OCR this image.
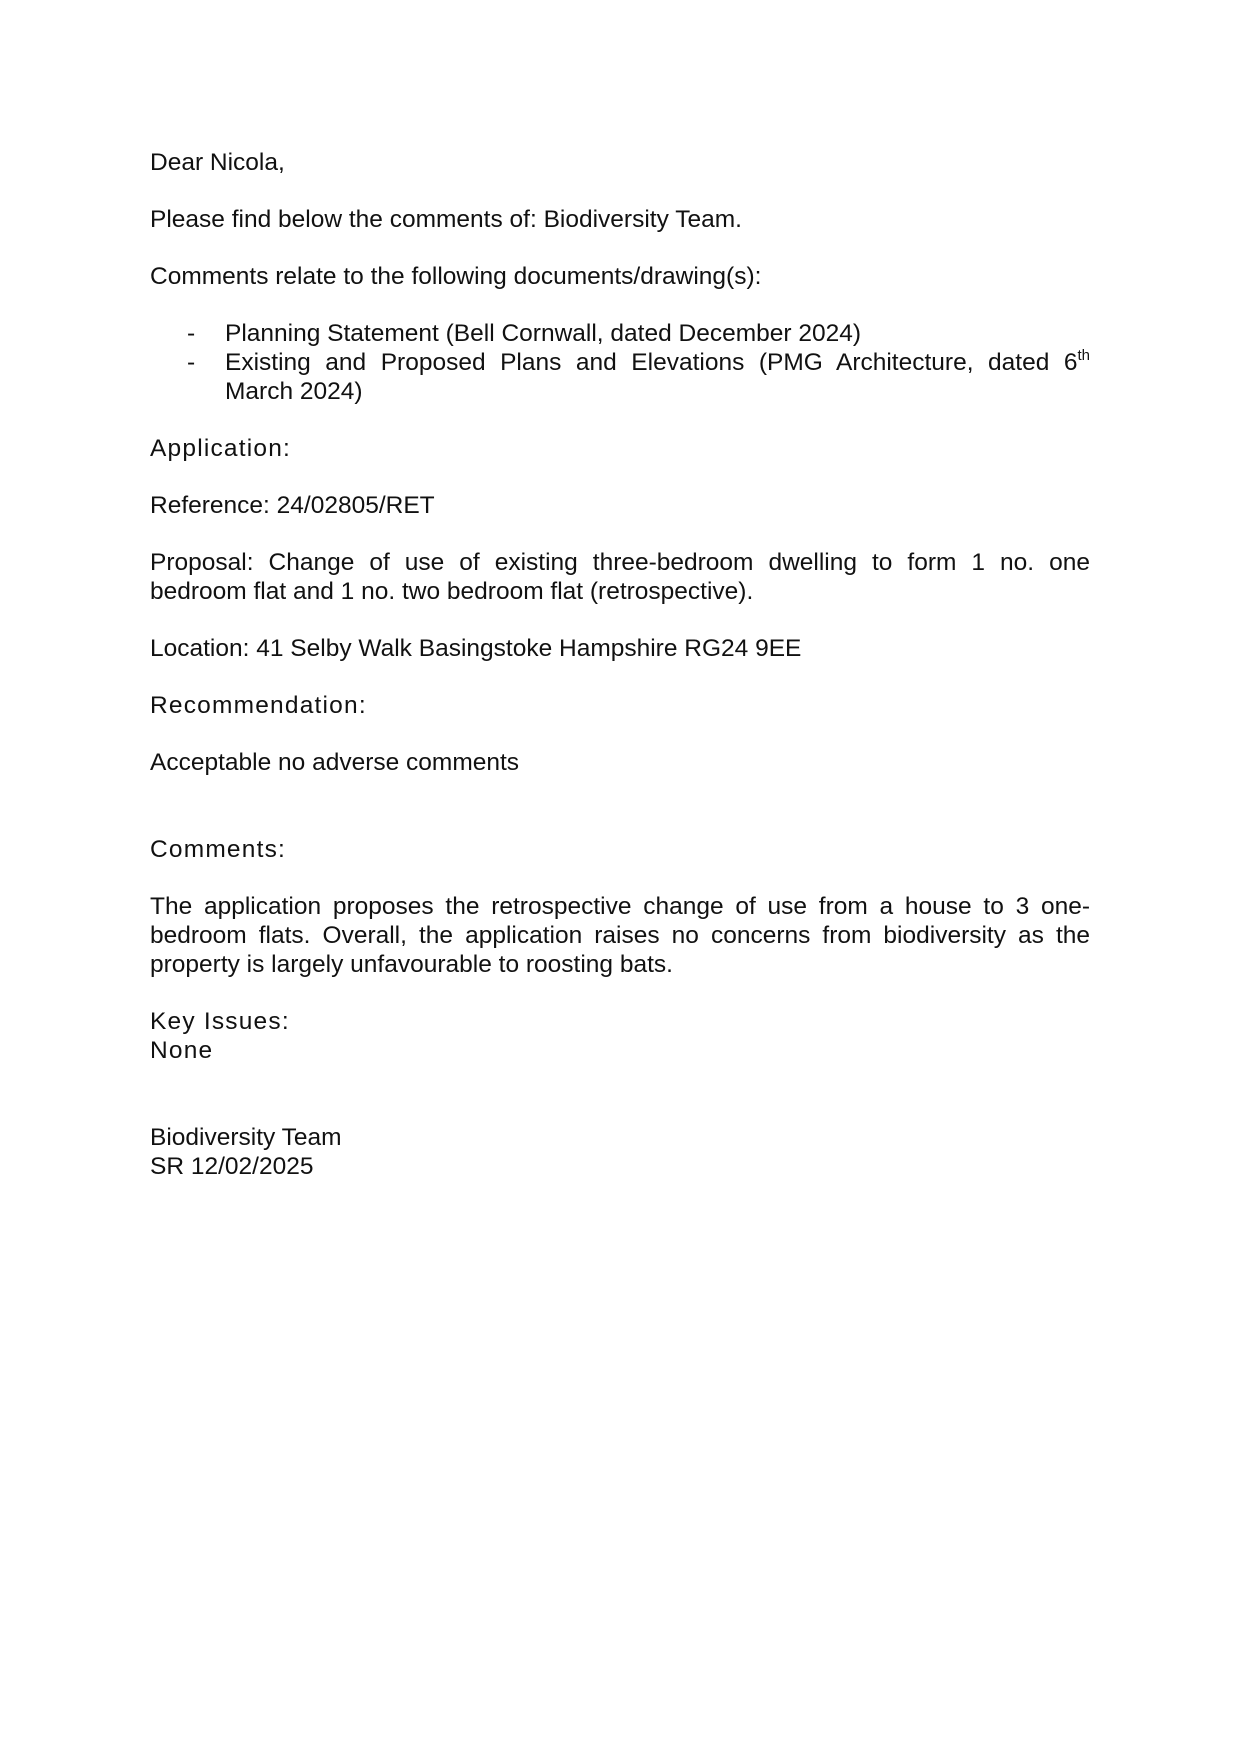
Dear Nicola,

Please find below the comments of: Biodiversity Team.

Comments relate to the following documents/drawing(s):

- Planning Statement (Bell Cornwall, dated December 2024)
- Existing and Proposed Plans and Elevations (PMG Architecture, dated 6th March 2024)

Application:

Reference: 24/02805/RET

Proposal: Change of use of existing three-bedroom dwelling to form 1 no. one bedroom flat and 1 no. two bedroom flat (retrospective).

Location: 41 Selby Walk Basingstoke Hampshire RG24 9EE

Recommendation:

Acceptable no adverse comments

Comments:

The application proposes the retrospective change of use from a house to 3 one-bedroom flats. Overall, the application raises no concerns from biodiversity as the property is largely unfavourable to roosting bats.

Key Issues:

None

Biodiversity Team

SR 12/02/2025
